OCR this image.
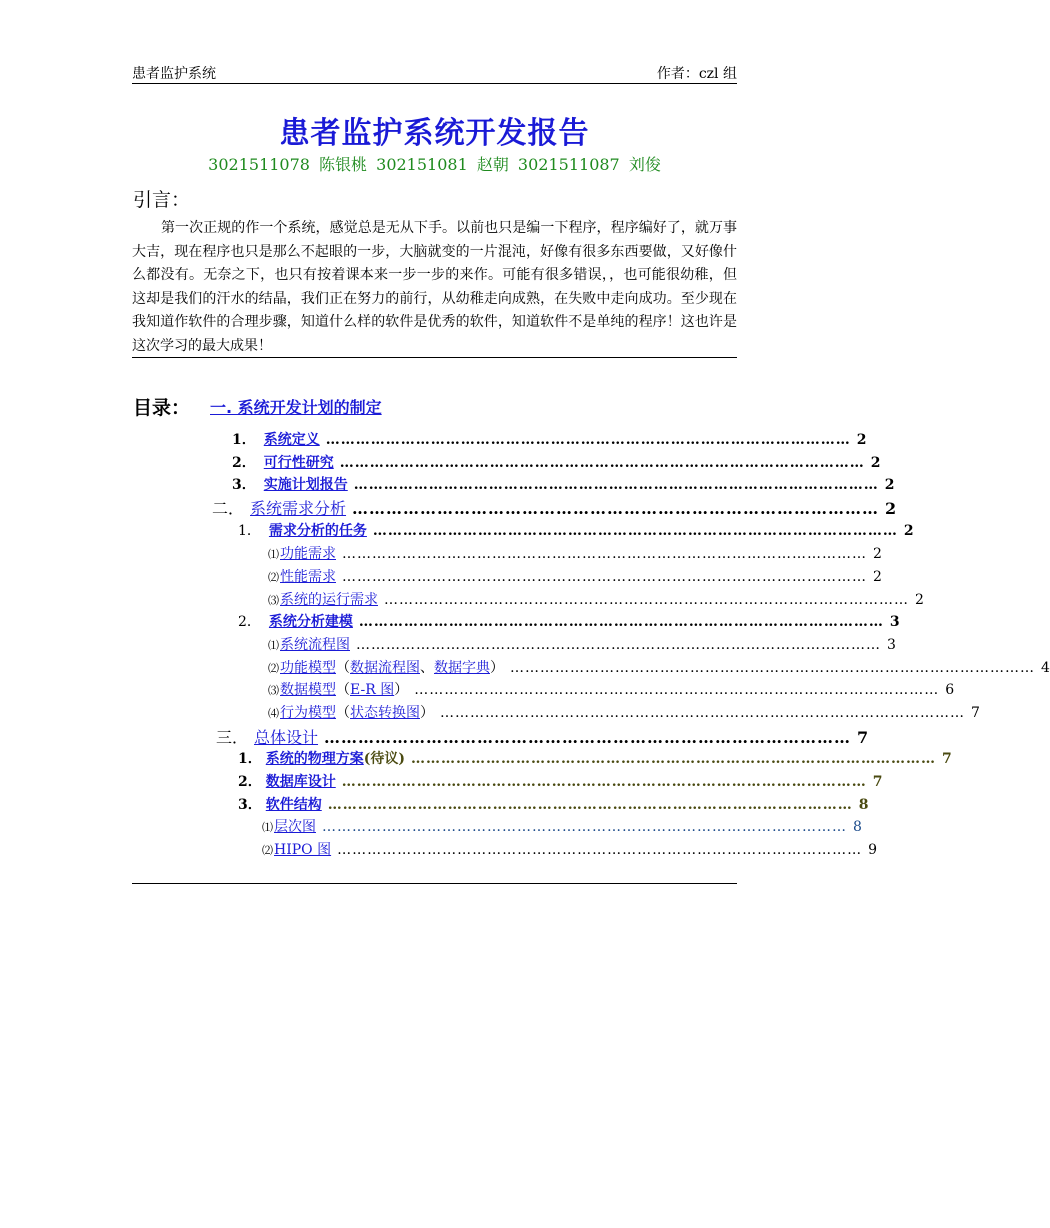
患者监护系统	作者：czl 组
患者监护系统开发报告
3021511078 陈银桃 302151081 赵朝 3021511087 刘俊
引言：
第一次正规的作一个系统，感觉总是无从下手。以前也只是编一下程序，程序编好了，就万事大吉，现在程序也只是那么不起眼的一步，大脑就变的一片混沌，好像有很多东西要做，又好像什么都没有。无奈之下，也只有按着课本来一步一步的来作。可能有很多错误，，也可能很幼稚，但这却是我们的汗水的结晶，我们正在努力的前行，从幼稚走向成熟，在失败中走向成功。至少现在我知道作软件的合理步骤，知道什么样的软件是优秀的软件，知道软件不是单纯的程序！这也许是这次学习的最大成果！
目录： 一. 系统开发计划的制定
1． 系统定义 …………………………………………………………………………………………… 2
2． 可行性研究 …………………………………………………………………………………………… 2
3． 实施计划报告 …………………………………………………………………………………………… 2
二． 系统需求分析 ………………………………………………………………………………… 2
1． 需求分析的任务 …………………………………………………………………………………………… 2
⑴ 功能需求 …………………………………………………………………………………………… 2
⑵ 性能需求 …………………………………………………………………………………………… 2
⑶ 系统的运行需求 …………………………………………………………………………………………… 2
2． 系统分析建模 …………………………………………………………………………………………… 3
⑴ 系统流程图 …………………………………………………………………………………………… 3
⑵ 功能模型 （ 数据流程图 、 数据字典 ） …………………………………………………………………………………………… 4
⑶ 数据模型 （ E-R 图 ） …………………………………………………………………………………………… 6
⑷ 行为模型 （ 状态转换图 ） …………………………………………………………………………………………… 7
三． 总体设计 ………………………………………………………………………………… 7
1． 系统的物理方案 (待议) …………………………………………………………………………………………… 7
2． 数据库设计 …………………………………………………………………………………………… 7
3． 软件结构 …………………………………………………………………………………………… 8
⑴ 层次图 …………………………………………………………………………………………… 8
⑵ HIPO 图 …………………………………………………………………………………………… 9
